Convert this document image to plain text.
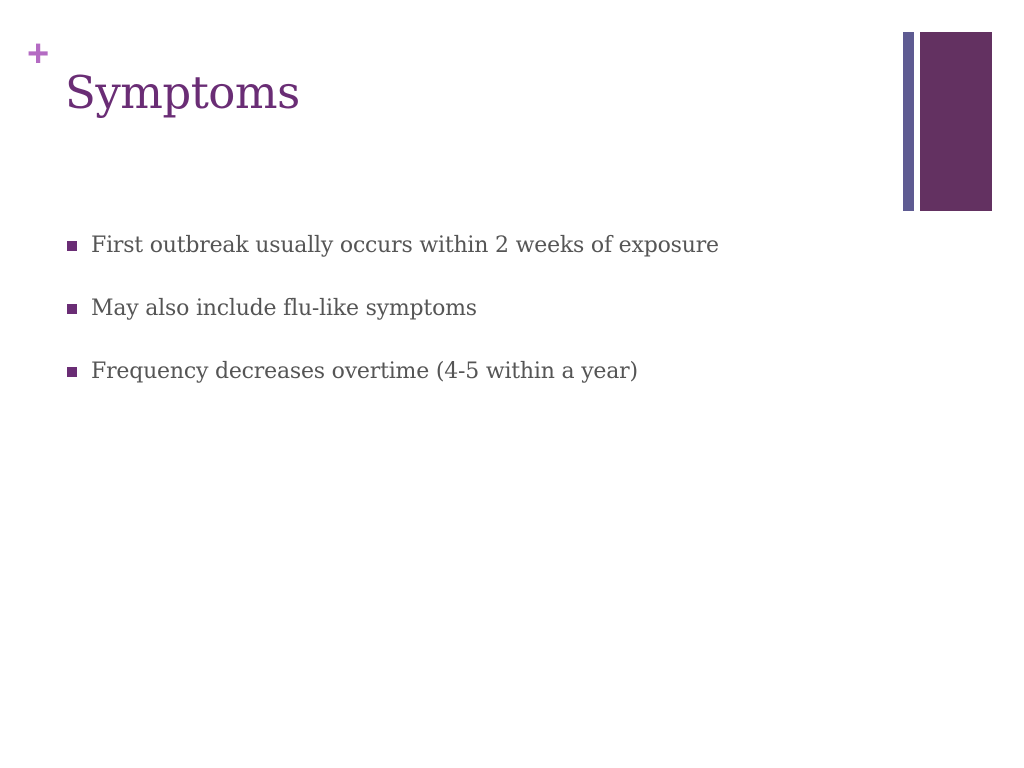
+
Symptoms
First outbreak usually occurs within 2 weeks of exposure
May also include flu-like symptoms
Frequency decreases overtime (4-5 within a year)
